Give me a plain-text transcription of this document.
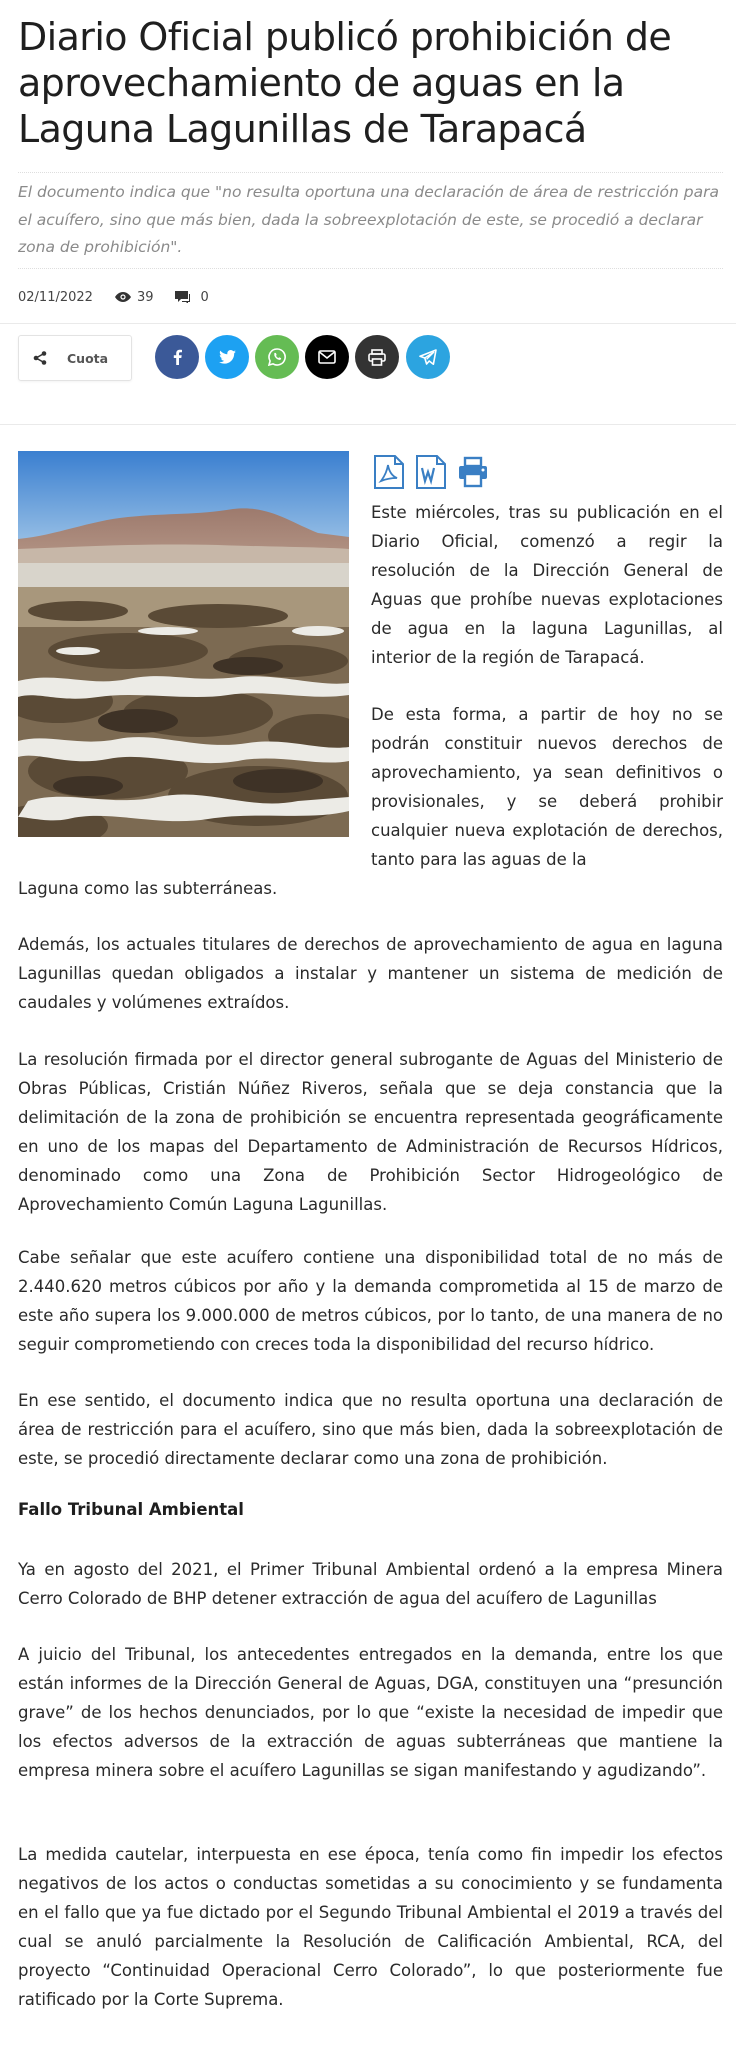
Diario Oficial publicó prohibición de aprovechamiento de aguas en la Laguna Lagunillas de Tarapacá

El documento indica que "no resulta oportuna una declaración de área de restricción para el acuífero, sino que más bien, dada la sobreexplotación de este, se procedió a declarar zona de prohibición".

02/11/2022	39	0
Cuota

Este miércoles, tras su publicación en el Diario Oficial, comenzó a regir la resolución de la Dirección General de Aguas que prohíbe nuevas explotaciones de agua en la laguna Lagunillas, al interior de la región de Tarapacá.

De esta forma, a partir de hoy no se podrán constituir nuevos derechos de aprovechamiento, ya sean definitivos o provisionales, y se deberá prohibir cualquier nueva explotación de derechos, tanto para las aguas de la

Laguna como las subterráneas.

Además, los actuales titulares de derechos de aprovechamiento de agua en laguna Lagunillas quedan obligados a instalar y mantener un sistema de medición de caudales y volúmenes extraídos.

La resolución firmada por el director general subrogante de Aguas del Ministerio de Obras Públicas, Cristián Núñez Riveros, señala que se deja constancia que la delimitación de la zona de prohibición se encuentra representada geográficamente en uno de los mapas del Departamento de Administración de Recursos Hídricos, denominado como una Zona de Prohibición Sector Hidrogeológico de Aprovechamiento Común Laguna Lagunillas.

Cabe señalar que este acuífero contiene una disponibilidad total de no más de 2.440.620 metros cúbicos por año y la demanda comprometida al 15 de marzo de este año supera los 9.000.000 de metros cúbicos, por lo tanto, de una manera de no seguir comprometiendo con creces toda la disponibilidad del recurso hídrico.

En ese sentido, el documento indica que no resulta oportuna una declaración de área de restricción para el acuífero, sino que más bien, dada la sobreexplotación de este, se procedió directamente declarar como una zona de prohibición.

Fallo Tribunal Ambiental

Ya en agosto del 2021, el Primer Tribunal Ambiental ordenó a la empresa Minera Cerro Colorado de BHP detener extracción de agua del acuífero de Lagunillas

A juicio del Tribunal, los antecedentes entregados en la demanda, entre los que están informes de la Dirección General de Aguas, DGA, constituyen una “presunción grave” de los hechos denunciados, por lo que “existe la necesidad de impedir que los efectos adversos de la extracción de aguas subterráneas que mantiene la empresa minera sobre el acuífero Lagunillas se sigan manifestando y agudizando”.

La medida cautelar, interpuesta en ese época, tenía como fin impedir los efectos negativos de los actos o conductas sometidas a su conocimiento y se fundamenta en el fallo que ya fue dictado por el Segundo Tribunal Ambiental el 2019 a través del cual se anuló parcialmente la Resolución de Calificación Ambiental, RCA, del proyecto “Continuidad Operacional Cerro Colorado”, lo que posteriormente fue ratificado por la Corte Suprema.
